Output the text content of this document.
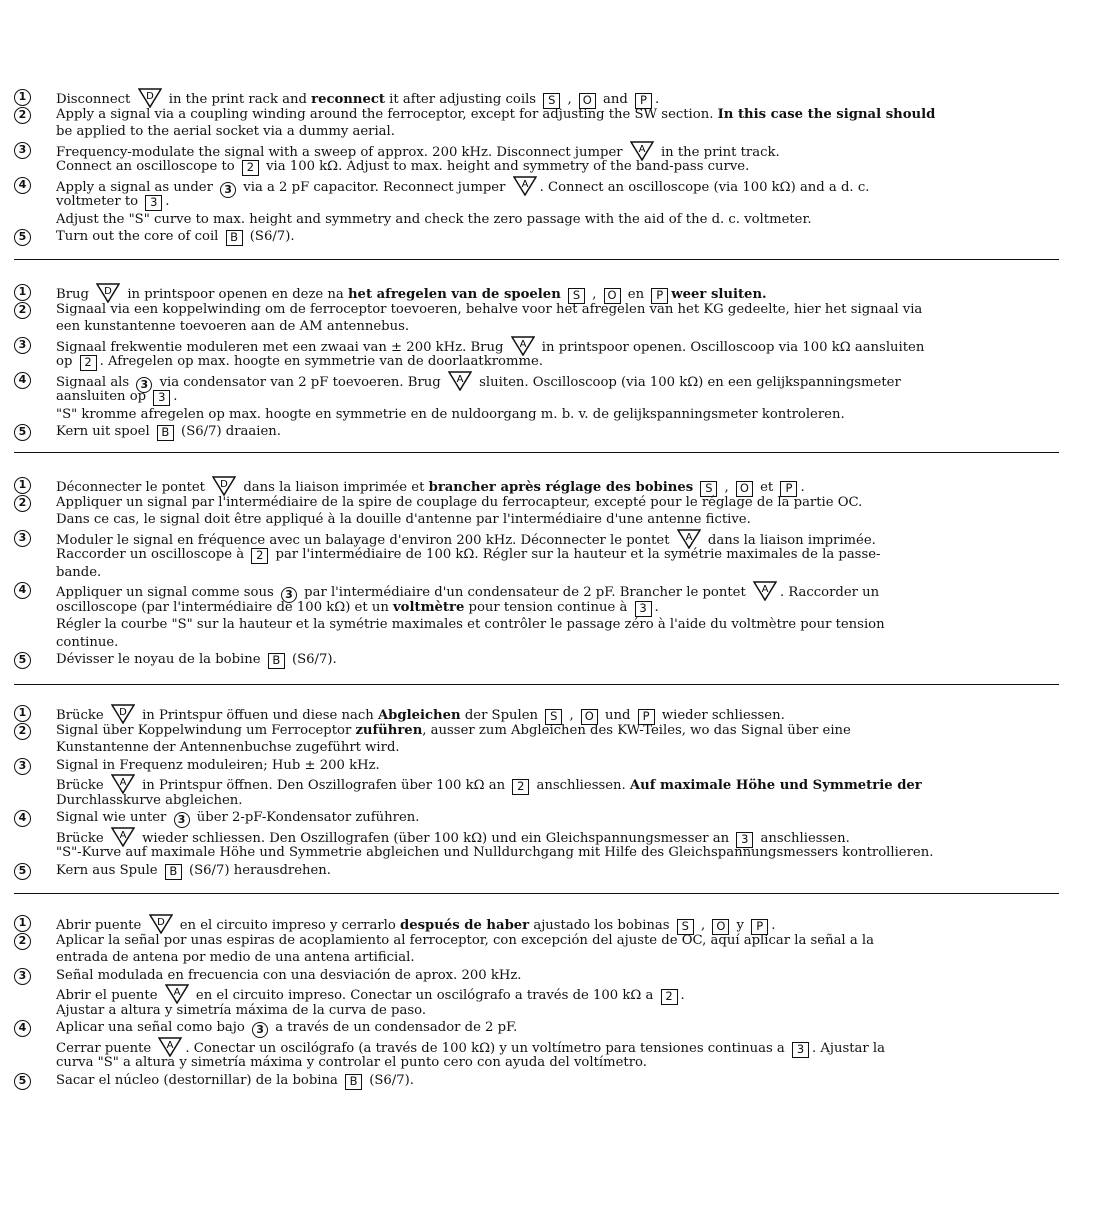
1	Disconnect D in the print rack and reconnect it after adjusting coils S , O and P .
2	Apply a signal via a coupling winding around the ferroceptor, except for adjusting the SW section. In this case the signal should
be applied to the aerial socket via a dummy aerial.
3	Frequency-modulate the signal with a sweep of approx. 200 kHz. Disconnect jumper A in the print track.
Connect an oscilloscope to 2 via 100 kΩ. Adjust to max. height and symmetry of the band-pass curve.
4	Apply a signal as under 3 via a 2 pF capacitor. Reconnect jumper A . Connect an oscilloscope (via 100 kΩ) and a d. c.
voltmeter to 3 .
Adjust the "S" curve to max. height and symmetry and check the zero passage with the aid of the d. c. voltmeter.
5	Turn out the core of coil B (S6/7).
1	Brug D in printspoor openen en deze na het afregelen van de spoelen S , O en P weer sluiten.
2	Signaal via een koppelwinding om de ferroceptor toevoeren, behalve voor het afregelen van het KG gedeelte, hier het signaal via
een kunstantenne toevoeren aan de AM antennebus.
3	Signaal frekwentie moduleren met een zwaai van ± 200 kHz. Brug A in printspoor openen. Oscilloscoop via 100 kΩ aansluiten
op 2 . Afregelen op max. hoogte en symmetrie van de doorlaatkromme.
4	Signaal als 3 via condensator van 2 pF toevoeren. Brug A sluiten. Oscilloscoop (via 100 kΩ) en een gelijkspanningsmeter
aansluiten op 3 .
"S" kromme afregelen op max. hoogte en symmetrie en de nuldoorgang m. b. v. de gelijkspanningsmeter kontroleren.
5	Kern uit spoel B (S6/7) draaien.
1	Déconnecter le pontet D dans la liaison imprimée et brancher après réglage des bobines S , O et P .
2	Appliquer un signal par l'intermédiaire de la spire de couplage du ferrocapteur, excepté pour le réglage de la partie OC.
Dans ce cas, le signal doit être appliqué à la douille d'antenne par l'intermédiaire d'une antenne fictive.
3	Moduler le signal en fréquence avec un balayage d'environ 200 kHz. Déconnecter le pontet A dans la liaison imprimée.
Raccorder un oscilloscope à 2 par l'intermédiaire de 100 kΩ. Régler sur la hauteur et la symétrie maximales de la passe-
bande.
4	Appliquer un signal comme sous 3 par l'intermédiaire d'un condensateur de 2 pF. Brancher le pontet A . Raccorder un
oscilloscope (par l'intermédiaire de 100 kΩ) et un voltmètre pour tension continue à 3 .
Régler la courbe "S" sur la hauteur et la symétrie maximales et contrôler le passage zéro à l'aide du voltmètre pour tension
continue.
5	Dévisser le noyau de la bobine B (S6/7).
1	Brücke D in Printspur öffuen und diese nach Abgleichen der Spulen S , O und P wieder schliessen.
2	Signal über Koppelwindung um Ferroceptor zuführen, ausser zum Abgleichen des KW-Teiles, wo das Signal über eine
Kunstantenne der Antennenbuchse zugeführt wird.
3	Signal in Frequenz moduleiren; Hub ± 200 kHz.
Brücke A in Printspur öffnen. Den Oszillografen über 100 kΩ an 2 anschliessen. Auf maximale Höhe und Symmetrie der
Durchlasskurve abgleichen.
4	Signal wie unter 3 über 2-pF-Kondensator zuführen.
Brücke A wieder schliessen. Den Oszillografen (über 100 kΩ) und ein Gleichspannungsmesser an 3 anschliessen.
"S"-Kurve auf maximale Höhe und Symmetrie abgleichen und Nulldurchgang mit Hilfe des Gleichspannungsmessers kontrollieren.
5	Kern aus Spule B (S6/7) herausdrehen.
1	Abrir puente D en el circuito impreso y cerrarlo después de haber ajustado los bobinas S , O y P .
2	Aplicar la señal por unas espiras de acoplamiento al ferroceptor, con excepción del ajuste de OC, aquí aplicar la señal a la
entrada de antena por medio de una antena artificial.
3	Señal modulada en frecuencia con una desviación de aprox. 200 kHz.
Abrir el puente A en el circuito impreso. Conectar un oscilógrafo a través de 100 kΩ a 2 .
Ajustar a altura y simetría máxima de la curva de paso.
4	Aplicar una señal como bajo 3 a través de un condensador de 2 pF.
Cerrar puente A . Conectar un oscilógrafo (a través de 100 kΩ) y un voltímetro para tensiones continuas a 3 . Ajustar la
curva "S" a altura y simetría máxima y controlar el punto cero con ayuda del voltímetro.
5	Sacar el núcleo (destornillar) de la bobina B (S6/7).
